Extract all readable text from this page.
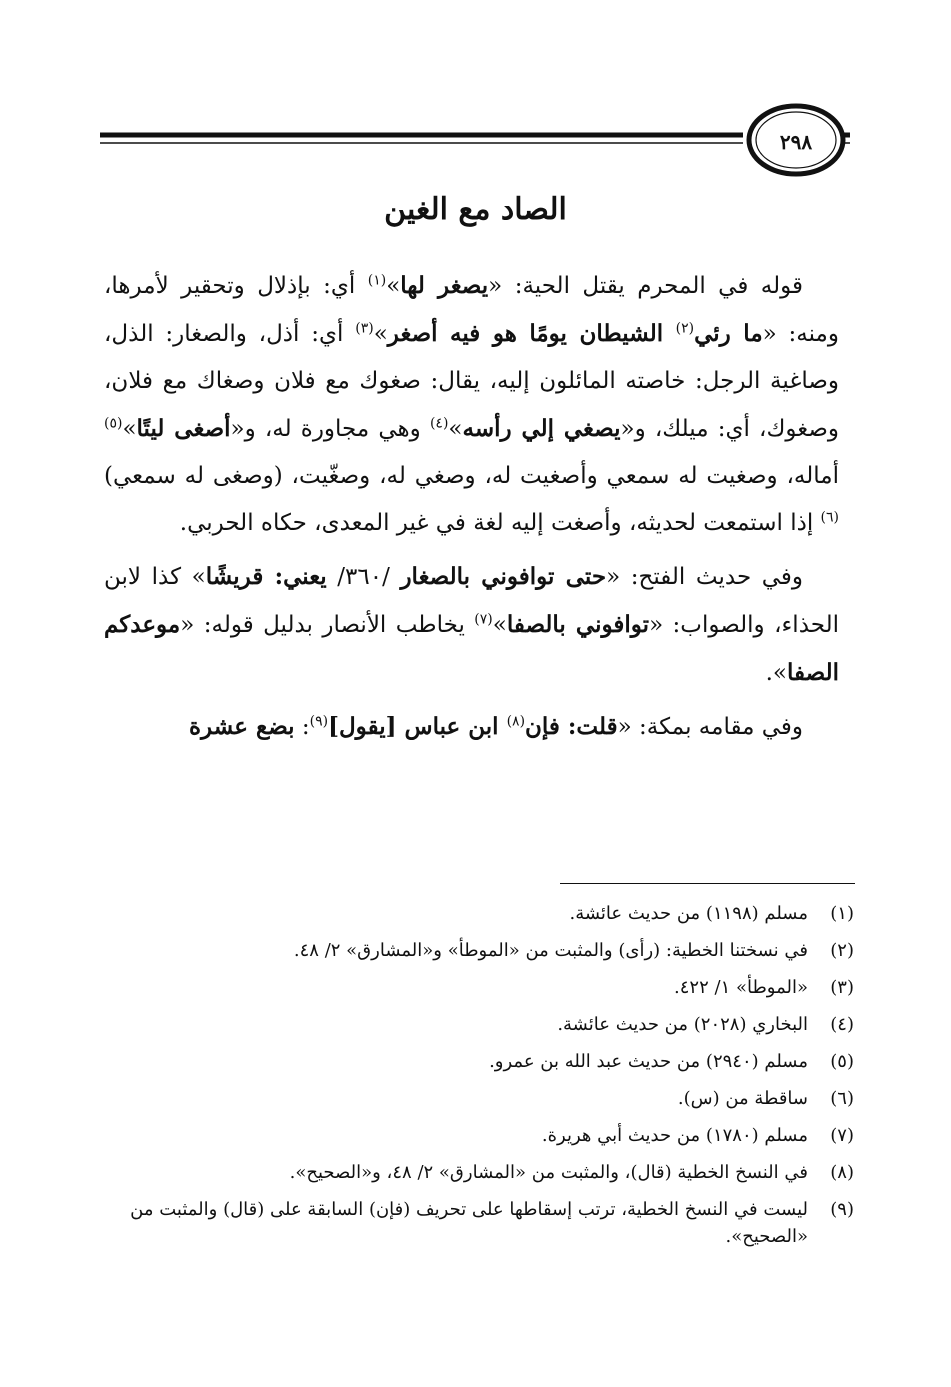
٢٩٨
الصاد مع الغين

قوله في المحرم يقتل الحية: «يصغر لها»$^{(١)}$ أي: بإذلال وتحقير لأمرها، ومنه: «ما رئي$^{(٢)}$ الشيطان يومًا هو فيه أصغر»$^{(٣)}$ أي: أذل، والصغار: الذل، وصاغية الرجل: خاصته المائلون إليه، يقال: صغوك مع فلان وصغاك مع فلان، وصغوك، أي: ميلك، و«يصغي إلي رأسه»$^{(٤)}$ وهي مجاورة له، و«أصغى ليتًا»$^{(٥)}$ أماله، وصغيت له سمعي وأصغيت له، وصغي له، وصغّيت، (وصغى له سمعي)$^{(٦)}$ إذا استمعت لحديثه، وأصغت إليه لغة في غير المعدى، حكاه الحربي.

وفي حديث الفتح: «حتى توافوني بالصغار /٣٦٠/ يعني: قريشًا» كذا لابن الحذاء، والصواب: «توافوني بالصفا»$^{(٧)}$ يخاطب الأنصار بدليل قوله: «موعدكم الصفا».

وفي مقامه بمكة: «قلت: فإن$^{(٨)}$ ابن عباس [يقول]$^{(٩)}$: بضع عشرة

(١)
مسلم (١١٩٨) من حديث عائشة.
(٢)
في نسختنا الخطية: (رأى) والمثبت من «الموطأ» و«المشارق» ٢/ ٤٨.
(٣)
«الموطأ» ١/ ٤٢٢.
(٤)
البخاري (٢٠٢٨) من حديث عائشة.
(٥)
مسلم (٢٩٤٠) من حديث عبد الله بن عمرو.
(٦)
ساقطة من (س).
(٧)
مسلم (١٧٨٠) من حديث أبي هريرة.
(٨)
في النسخ الخطية (قال)، والمثبت من «المشارق» ٢/ ٤٨، و«الصحيح».
(٩)
ليست في النسخ الخطية، ترتب إسقاطها على تحريف (فإن) السابقة على (قال) والمثبت من «الصحيح».
